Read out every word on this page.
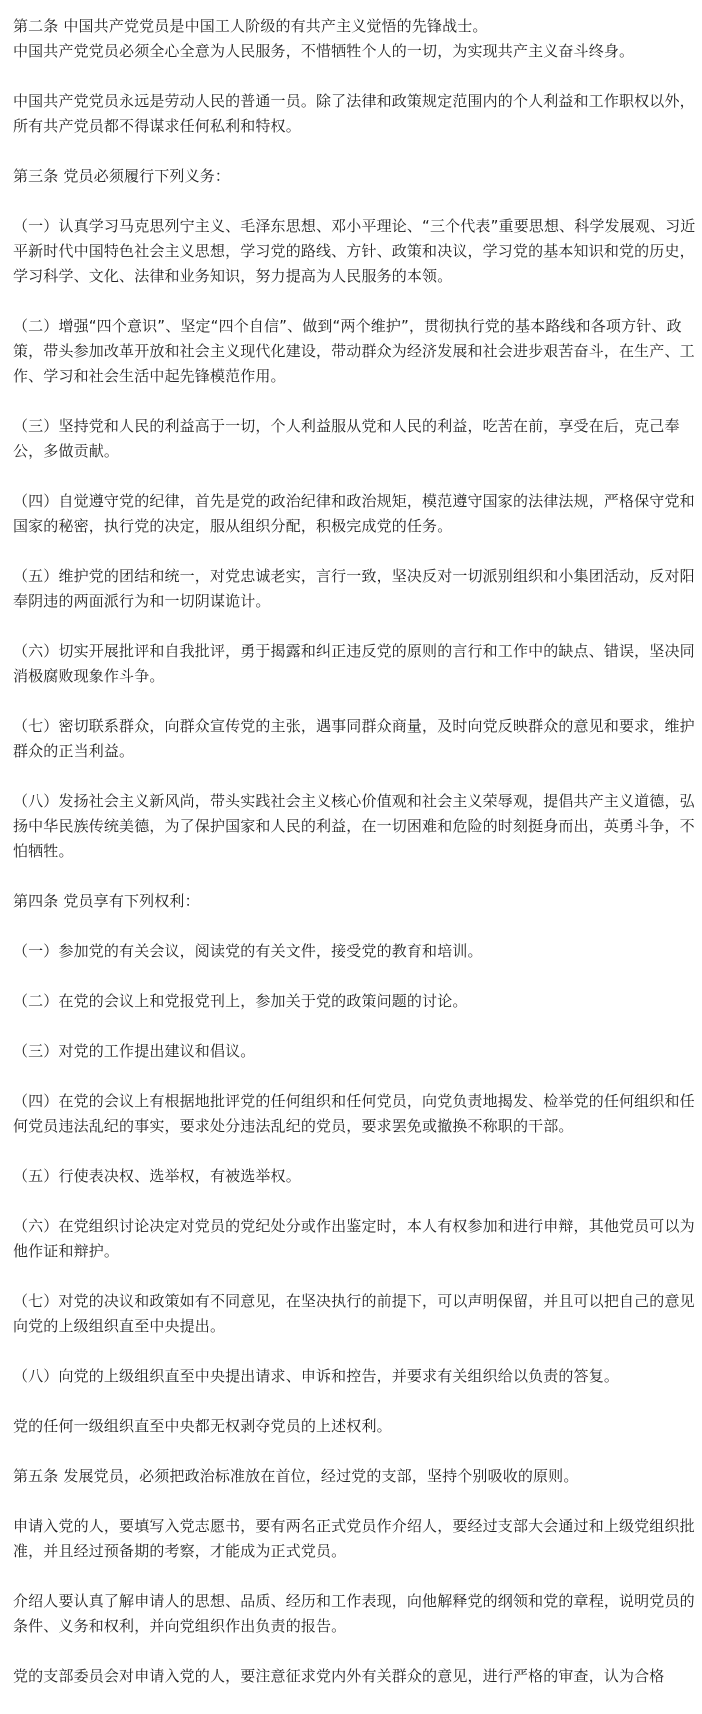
第二条 中国共产党党员是中国工人阶级的有共产主义觉悟的先锋战士。

中国共产党党员必须全心全意为人民服务，不惜牺牲个人的一切，为实现共产主义奋斗终身。

中国共产党党员永远是劳动人民的普通一员。除了法律和政策规定范围内的个人利益和工作职权以外，所有共产党员都不得谋求任何私利和特权。

第三条 党员必须履行下列义务：

（一）认真学习马克思列宁主义、毛泽东思想、邓小平理论、“三个代表”重要思想、科学发展观、习近平新时代中国特色社会主义思想，学习党的路线、方针、政策和决议，学习党的基本知识和党的历史，学习科学、文化、法律和业务知识，努力提高为人民服务的本领。

（二）增强“四个意识”、坚定“四个自信”、做到“两个维护”，贯彻执行党的基本路线和各项方针、政策，带头参加改革开放和社会主义现代化建设，带动群众为经济发展和社会进步艰苦奋斗，在生产、工作、学习和社会生活中起先锋模范作用。

（三）坚持党和人民的利益高于一切，个人利益服从党和人民的利益，吃苦在前，享受在后，克己奉公，多做贡献。

（四）自觉遵守党的纪律，首先是党的政治纪律和政治规矩，模范遵守国家的法律法规，严格保守党和国家的秘密，执行党的决定，服从组织分配，积极完成党的任务。

（五）维护党的团结和统一，对党忠诚老实，言行一致，坚决反对一切派别组织和小集团活动，反对阳奉阴违的两面派行为和一切阴谋诡计。

（六）切实开展批评和自我批评，勇于揭露和纠正违反党的原则的言行和工作中的缺点、错误，坚决同消极腐败现象作斗争。

（七）密切联系群众，向群众宣传党的主张，遇事同群众商量，及时向党反映群众的意见和要求，维护群众的正当利益。

（八）发扬社会主义新风尚，带头实践社会主义核心价值观和社会主义荣辱观，提倡共产主义道德，弘扬中华民族传统美德，为了保护国家和人民的利益，在一切困难和危险的时刻挺身而出，英勇斗争，不怕牺牲。

第四条 党员享有下列权利：

（一）参加党的有关会议，阅读党的有关文件，接受党的教育和培训。

（二）在党的会议上和党报党刊上，参加关于党的政策问题的讨论。

（三）对党的工作提出建议和倡议。

（四）在党的会议上有根据地批评党的任何组织和任何党员，向党负责地揭发、检举党的任何组织和任何党员违法乱纪的事实，要求处分违法乱纪的党员，要求罢免或撤换不称职的干部。

（五）行使表决权、选举权，有被选举权。

（六）在党组织讨论决定对党员的党纪处分或作出鉴定时，本人有权参加和进行申辩，其他党员可以为他作证和辩护。

（七）对党的决议和政策如有不同意见，在坚决执行的前提下，可以声明保留，并且可以把自己的意见向党的上级组织直至中央提出。

（八）向党的上级组织直至中央提出请求、申诉和控告，并要求有关组织给以负责的答复。

党的任何一级组织直至中央都无权剥夺党员的上述权利。

第五条 发展党员，必须把政治标准放在首位，经过党的支部，坚持个别吸收的原则。

申请入党的人，要填写入党志愿书，要有两名正式党员作介绍人，要经过支部大会通过和上级党组织批准，并且经过预备期的考察，才能成为正式党员。

介绍人要认真了解申请人的思想、品质、经历和工作表现，向他解释党的纲领和党的章程，说明党员的条件、义务和权利，并向党组织作出负责的报告。

党的支部委员会对申请入党的人，要注意征求党内外有关群众的意见，进行严格的审查，认为合格
